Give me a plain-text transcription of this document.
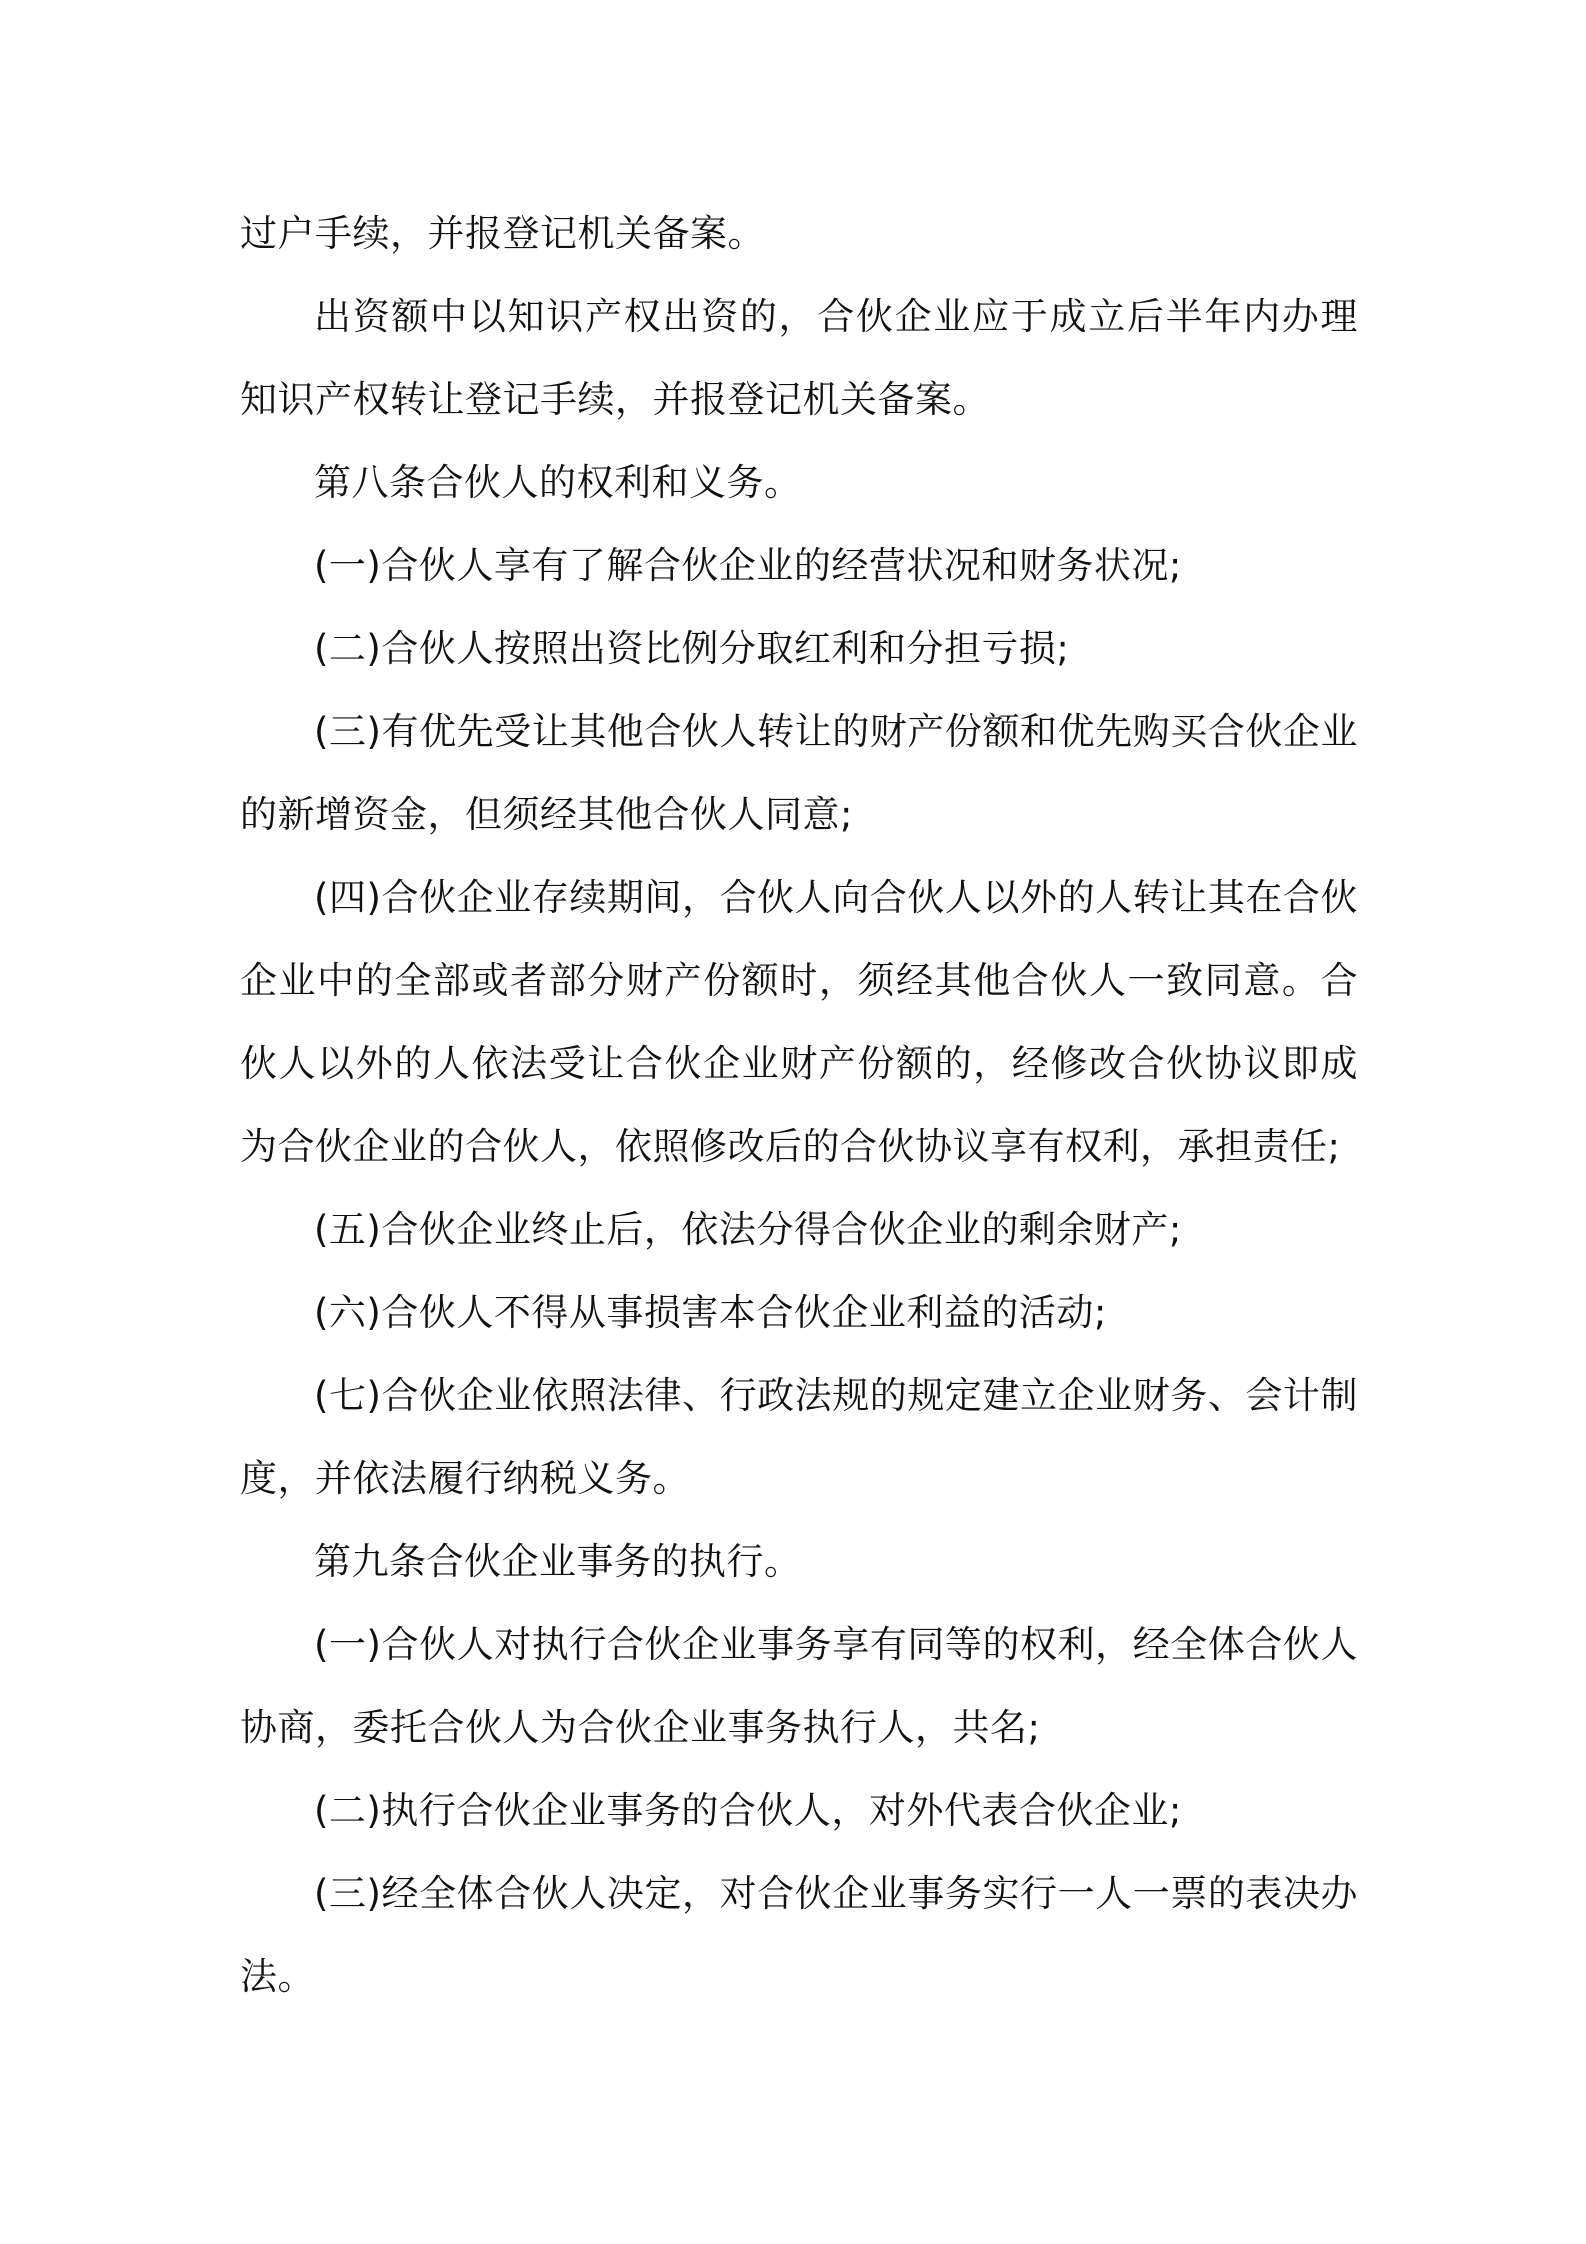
过户手续，并报登记机关备案。

出资额中以知识产权出资的，合伙企业应于成立后半年内办理知识产权转让登记手续，并报登记机关备案。

第八条合伙人的权利和义务。

(一)合伙人享有了解合伙企业的经营状况和财务状况;

(二)合伙人按照出资比例分取红利和分担亏损;

(三)有优先受让其他合伙人转让的财产份额和优先购买合伙企业的新增资金，但须经其他合伙人同意;

(四)合伙企业存续期间，合伙人向合伙人以外的人转让其在合伙企业中的全部或者部分财产份额时，须经其他合伙人一致同意。合伙人以外的人依法受让合伙企业财产份额的，经修改合伙协议即成为合伙企业的合伙人，依照修改后的合伙协议享有权利，承担责任;

(五)合伙企业终止后，依法分得合伙企业的剩余财产;

(六)合伙人不得从事损害本合伙企业利益的活动;

(七)合伙企业依照法律、行政法规的规定建立企业财务、会计制度，并依法履行纳税义务。

第九条合伙企业事务的执行。

(一)合伙人对执行合伙企业事务享有同等的权利，经全体合伙人协商，委托合伙人为合伙企业事务执行人，共名;

(二)执行合伙企业事务的合伙人，对外代表合伙企业;

(三)经全体合伙人决定，对合伙企业事务实行一人一票的表决办法。
